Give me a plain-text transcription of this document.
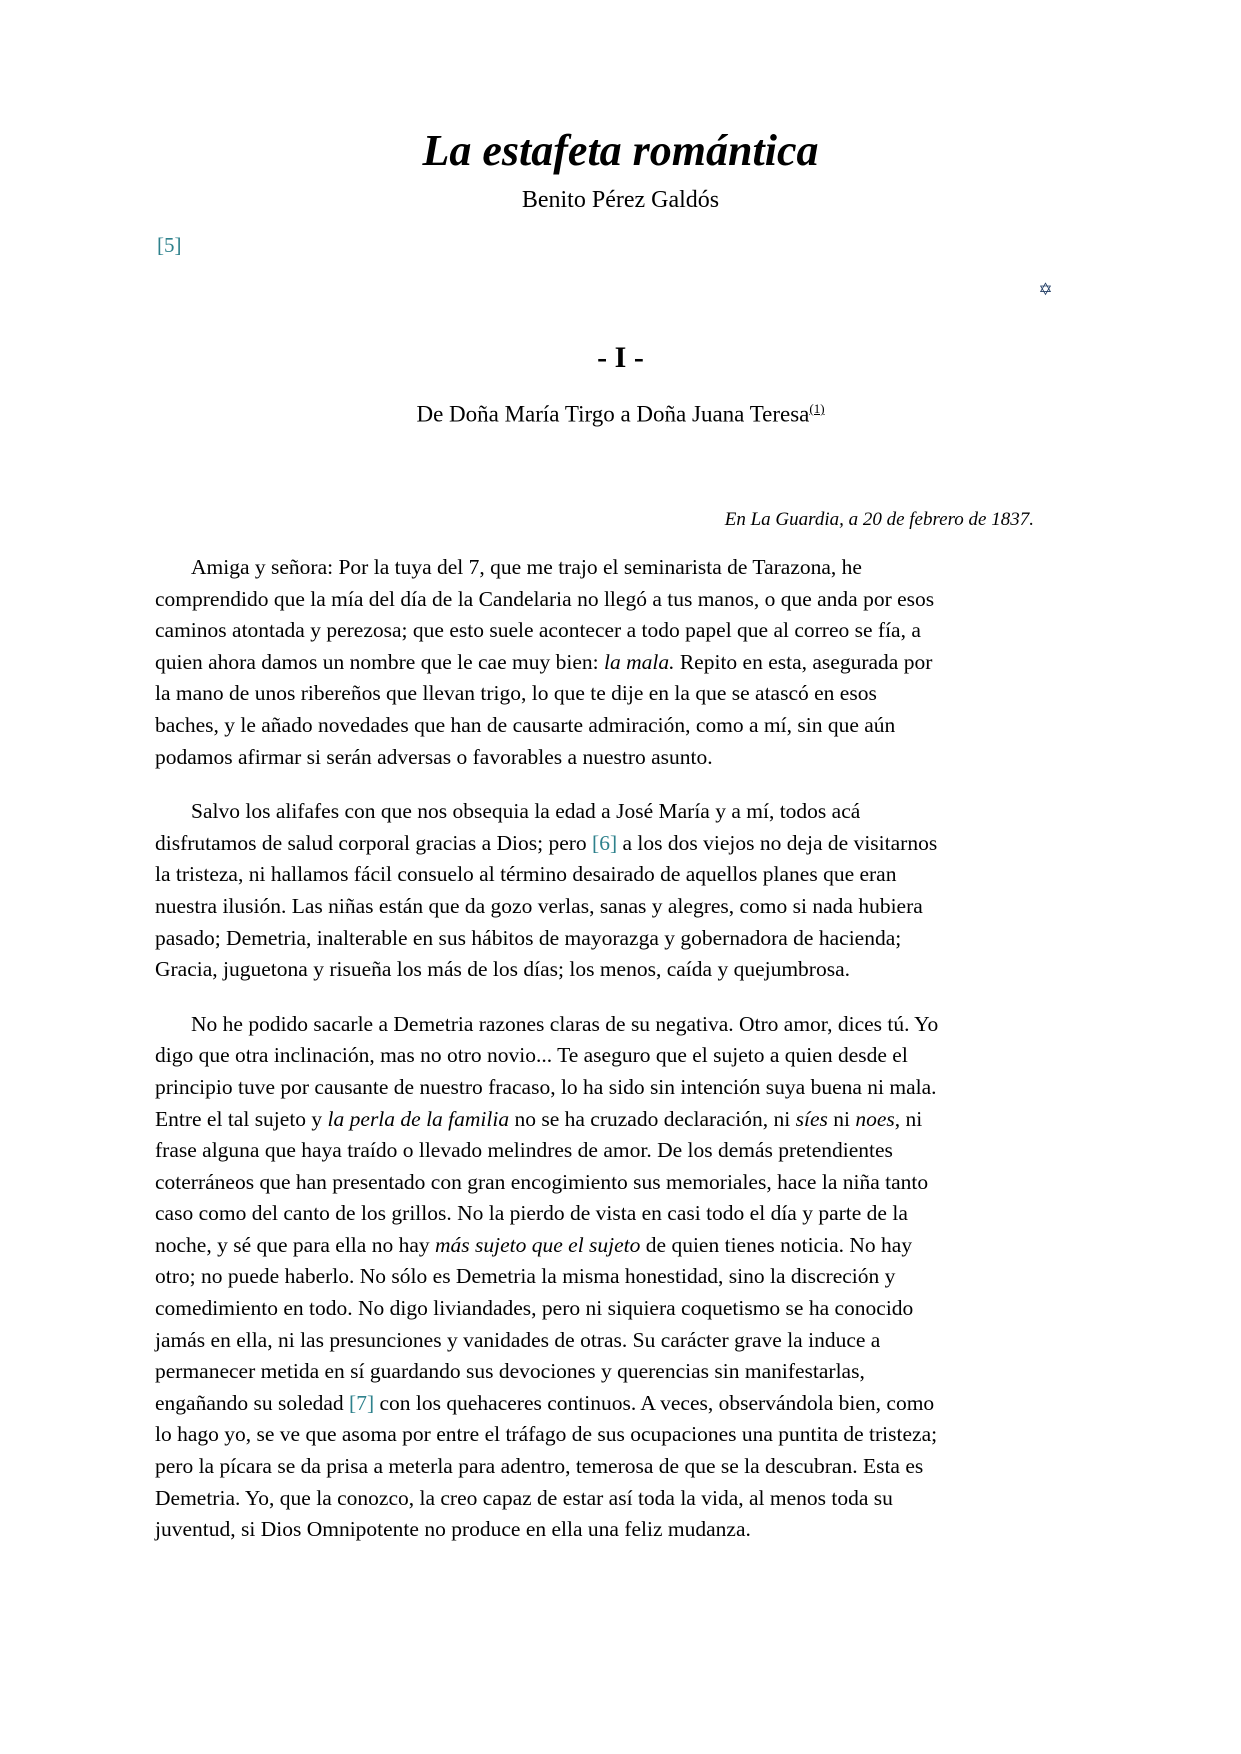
La estafeta romántica
Benito Pérez Galdós
[5]
✡
- I -
De Doña María Tirgo a Doña Juana Teresa$^{(1)}$
En La Guardia, a 20 de febrero de 1837.

Amiga y señora: Por la tuya del 7, que me trajo el seminarista de Tarazona, he comprendido que la mía del día de la Candelaria no llegó a tus manos, o que anda por esos caminos atontada y perezosa; que esto suele acontecer a todo papel que al correo se fía, a quien ahora damos un nombre que le cae muy bien: la mala. Repito en esta, asegurada por la mano de unos ribereños que llevan trigo, lo que te dije en la que se atascó en esos baches, y le añado novedades que han de causarte admiración, como a mí, sin que aún podamos afirmar si serán adversas o favorables a nuestro asunto.

Salvo los alifafes con que nos obsequia la edad a José María y a mí, todos acá disfrutamos de salud corporal gracias a Dios; pero [6] a los dos viejos no deja de visitarnos la tristeza, ni hallamos fácil consuelo al término desairado de aquellos planes que eran nuestra ilusión. Las niñas están que da gozo verlas, sanas y alegres, como si nada hubiera pasado; Demetria, inalterable en sus hábitos de mayorazga y gobernadora de hacienda; Gracia, juguetona y risueña los más de los días; los menos, caída y quejumbrosa.

No he podido sacarle a Demetria razones claras de su negativa. Otro amor, dices tú. Yo digo que otra inclinación, mas no otro novio... Te aseguro que el sujeto a quien desde el principio tuve por causante de nuestro fracaso, lo ha sido sin intención suya buena ni mala. Entre el tal sujeto y la perla de la familia no se ha cruzado declaración, ni síes ni noes, ni frase alguna que haya traído o llevado melindres de amor. De los demás pretendientes coterráneos que han presentado con gran encogimiento sus memoriales, hace la niña tanto caso como del canto de los grillos. No la pierdo de vista en casi todo el día y parte de la noche, y sé que para ella no hay más sujeto que el sujeto de quien tienes noticia. No hay otro; no puede haberlo. No sólo es Demetria la misma honestidad, sino la discreción y comedimiento en todo. No digo liviandades, pero ni siquiera coquetismo se ha conocido jamás en ella, ni las presunciones y vanidades de otras. Su carácter grave la induce a permanecer metida en sí guardando sus devociones y querencias sin manifestarlas, engañando su soledad [7] con los quehaceres continuos. A veces, observándola bien, como lo hago yo, se ve que asoma por entre el tráfago de sus ocupaciones una puntita de tristeza; pero la pícara se da prisa a meterla para adentro, temerosa de que se la descubran. Esta es Demetria. Yo, que la conozco, la creo capaz de estar así toda la vida, al menos toda su juventud, si Dios Omnipotente no produce en ella una feliz mudanza.
